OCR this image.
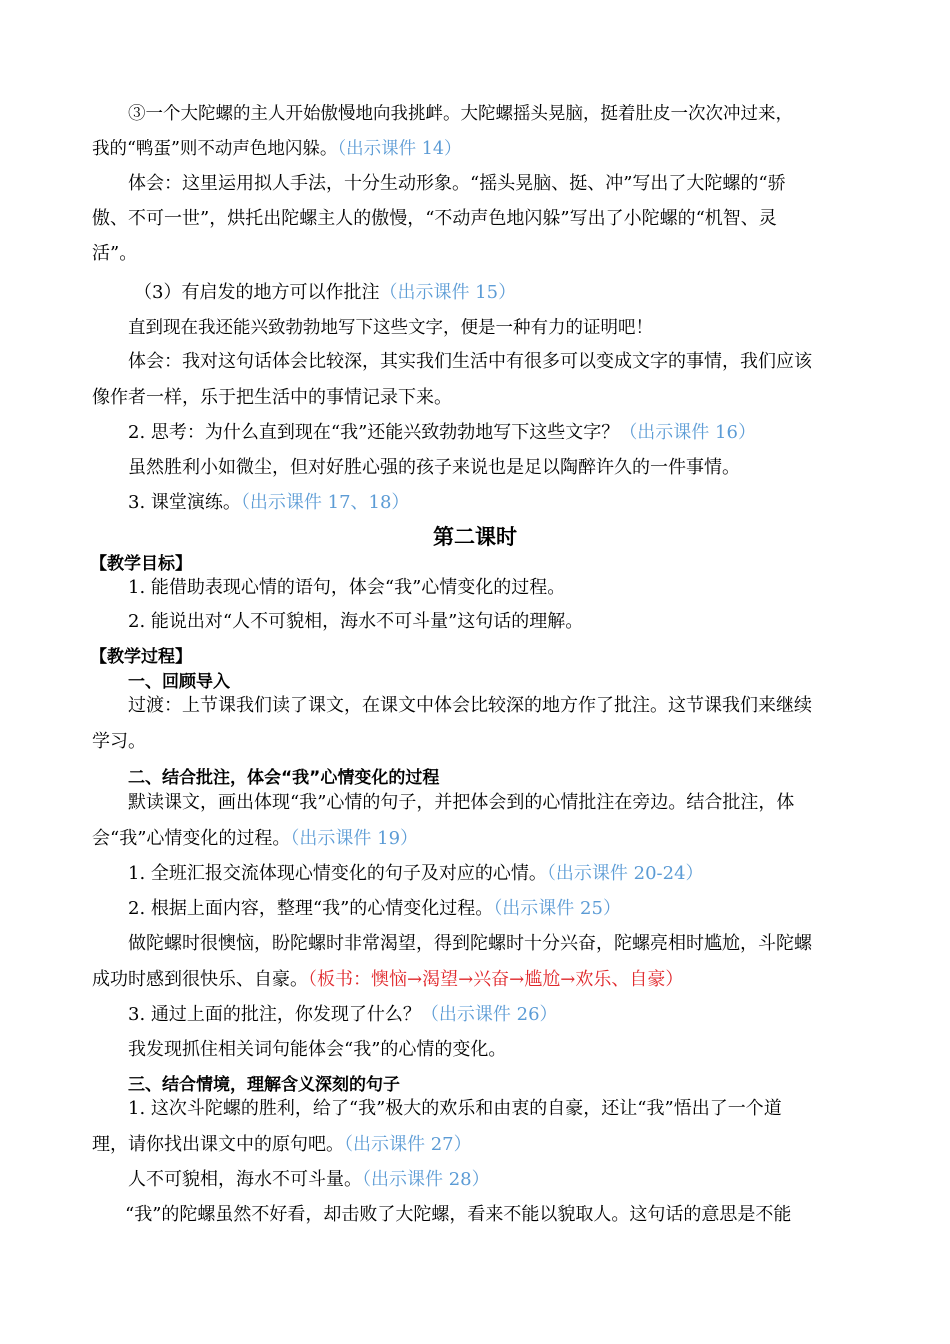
③一个大陀螺的主人开始傲慢地向我挑衅。大陀螺摇头晃脑，挺着肚皮一次次冲过来，
我的“鸭蛋”则不动声色地闪躲。（出示课件 14）
体会：这里运用拟人手法，十分生动形象。“摇头晃脑、挺、冲”写出了大陀螺的“骄
傲、不可一世”，烘托出陀螺主人的傲慢，“不动声色地闪躲”写出了小陀螺的“机智、灵
活”。
（3）有启发的地方可以作批注（出示课件 15）
直到现在我还能兴致勃勃地写下这些文字，便是一种有力的证明吧！
体会：我对这句话体会比较深，其实我们生活中有很多可以变成文字的事情，我们应该
像作者一样，乐于把生活中的事情记录下来。
2. 思考：为什么直到现在“我”还能兴致勃勃地写下这些文字？（出示课件 16）
虽然胜利小如微尘，但对好胜心强的孩子来说也是足以陶醉许久的一件事情。
3. 课堂演练。（出示课件 17、18）
第二课时
【教学目标】
1. 能借助表现心情的语句，体会“我”心情变化的过程。
2. 能说出对“人不可貌相，海水不可斗量”这句话的理解。
【教学过程】
一、回顾导入
过渡：上节课我们读了课文，在课文中体会比较深的地方作了批注。这节课我们来继续
学习。
二、结合批注，体会“我”心情变化的过程
默读课文，画出体现“我”心情的句子，并把体会到的心情批注在旁边。结合批注，体
会“我”心情变化的过程。（出示课件 19）
1. 全班汇报交流体现心情变化的句子及对应的心情。（出示课件 20-24）
2. 根据上面内容，整理“我”的心情变化过程。（出示课件 25）
做陀螺时很懊恼，盼陀螺时非常渴望，得到陀螺时十分兴奋，陀螺亮相时尴尬，斗陀螺
成功时感到很快乐、自豪。（板书：懊恼→渴望→兴奋→尴尬→欢乐、自豪）
3. 通过上面的批注，你发现了什么？（出示课件 26）
我发现抓住相关词句能体会“我”的心情的变化。
三、结合情境，理解含义深刻的句子
1. 这次斗陀螺的胜利，给了“我”极大的欢乐和由衷的自豪，还让“我”悟出了一个道
理，请你找出课文中的原句吧。（出示课件 27）
人不可貌相，海水不可斗量。（出示课件 28）
“我”的陀螺虽然不好看，却击败了大陀螺，看来不能以貌取人。这句话的意思是不能
